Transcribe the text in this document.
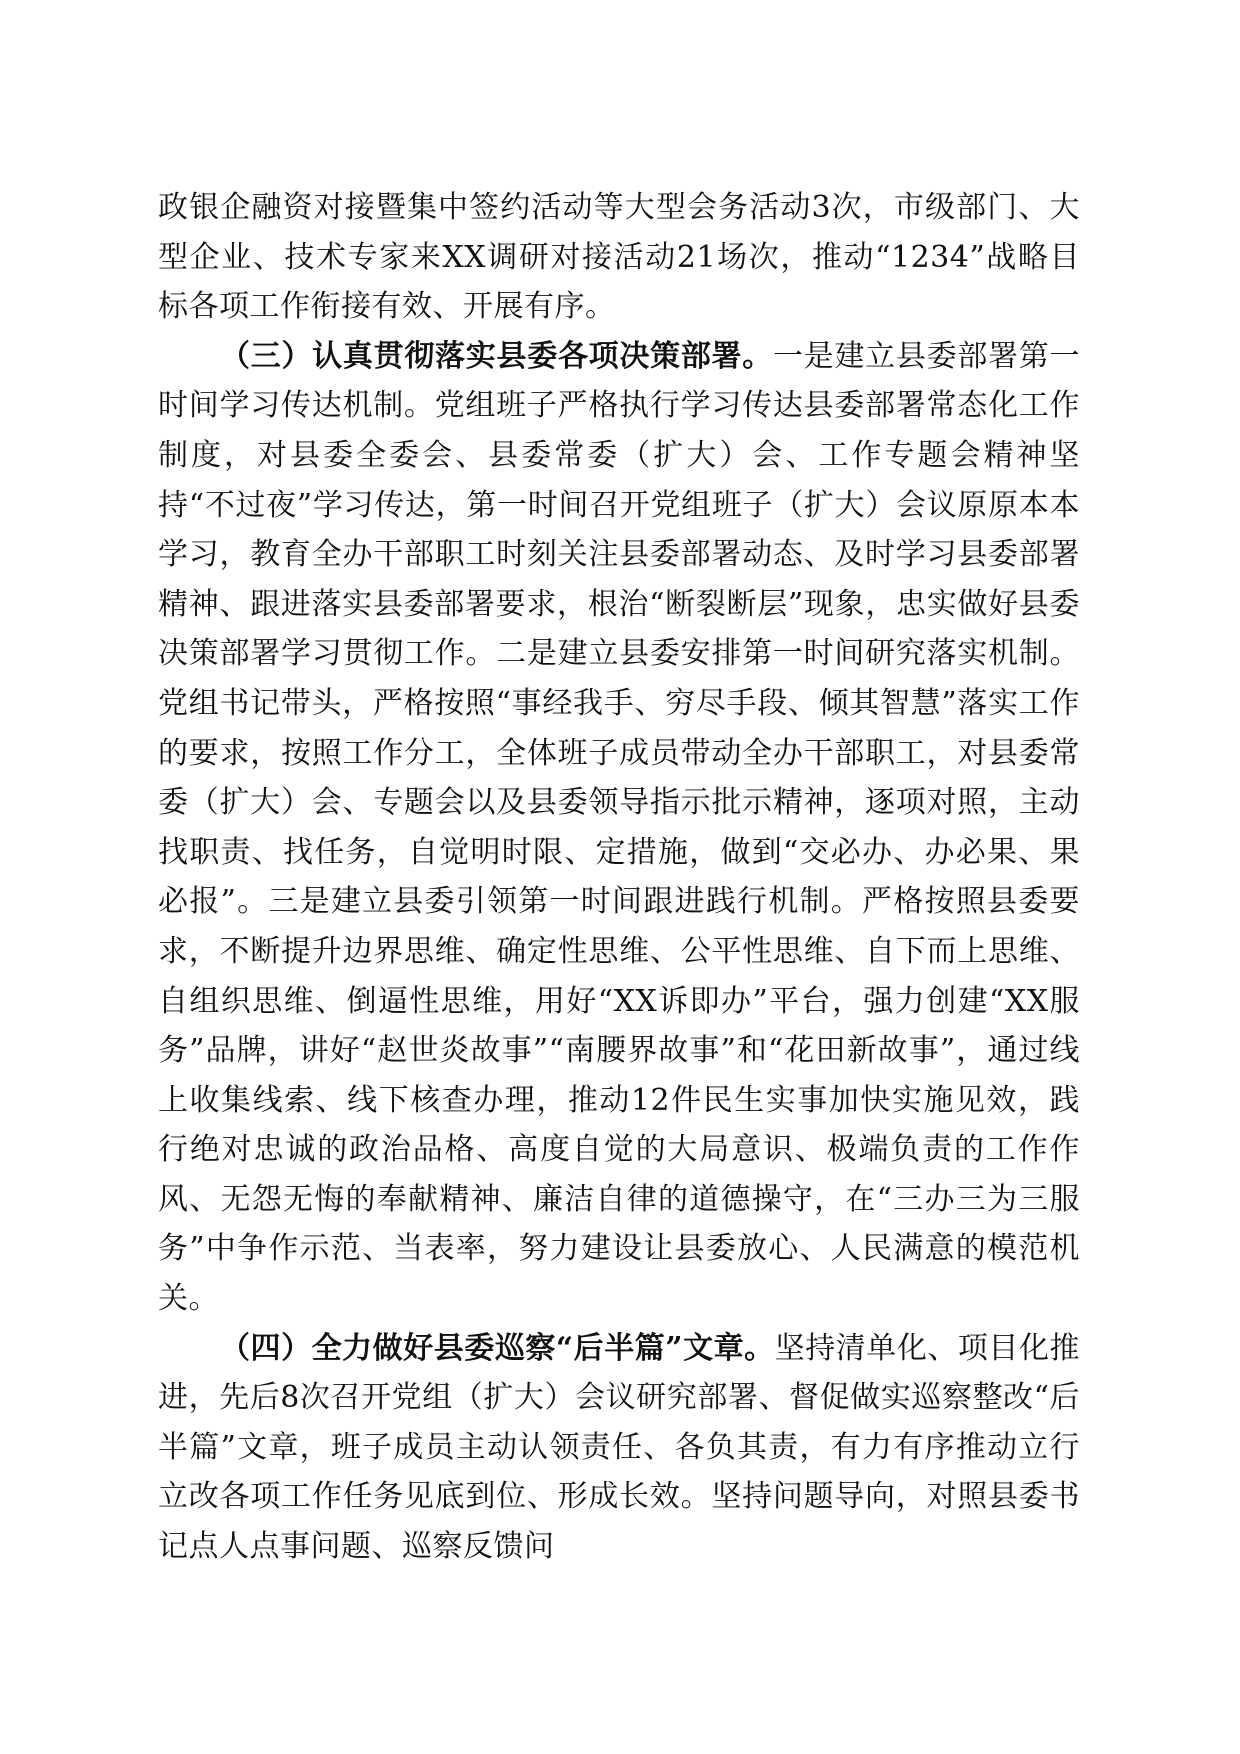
政银企融资对接暨集中签约活动等大型会务活动3次，市级部门、大型企业、技术专家来XX调研对接活动21场次，推动“1234”战略目标各项工作衔接有效、开展有序。

（三）认真贯彻落实县委各项决策部署。一是建立县委部署第一时间学习传达机制。党组班子严格执行学习传达县委部署常态化工作制度，对县委全委会、县委常委（扩大）会、工作专题会精神坚持“不过夜”学习传达，第一时间召开党组班子（扩大）会议原原本本学习，教育全办干部职工时刻关注县委部署动态、及时学习县委部署精神、跟进落实县委部署要求，根治“断裂断层”现象，忠实做好县委决策部署学习贯彻工作。二是建立县委安排第一时间研究落实机制。党组书记带头，严格按照“事经我手、穷尽手段、倾其智慧”落实工作的要求，按照工作分工，全体班子成员带动全办干部职工，对县委常委（扩大）会、专题会以及县委领导指示批示精神，逐项对照，主动找职责、找任务，自觉明时限、定措施，做到“交必办、办必果、果必报”。三是建立县委引领第一时间跟进践行机制。严格按照县委要求，不断提升边界思维、确定性思维、公平性思维、自下而上思维、自组织思维、倒逼性思维，用好“XX诉即办”平台，强力创建“XX服务”品牌，讲好“赵世炎故事”“南腰界故事”和“花田新故事”，通过线上收集线索、线下核查办理，推动12件民生实事加快实施见效，践行绝对忠诚的政治品格、高度自觉的大局意识、极端负责的工作作风、无怨无悔的奉献精神、廉洁自律的道德操守，在“三办三为三服务”中争作示范、当表率，努力建设让县委放心、人民满意的模范机关。

（四）全力做好县委巡察“后半篇”文章。坚持清单化、项目化推进，先后8次召开党组（扩大）会议研究部署、督促做实巡察整改“后半篇”文章，班子成员主动认领责任、各负其责，有力有序推动立行立改各项工作任务见底到位、形成长效。坚持问题导向，对照县委书记点人点事问题、巡察反馈问
